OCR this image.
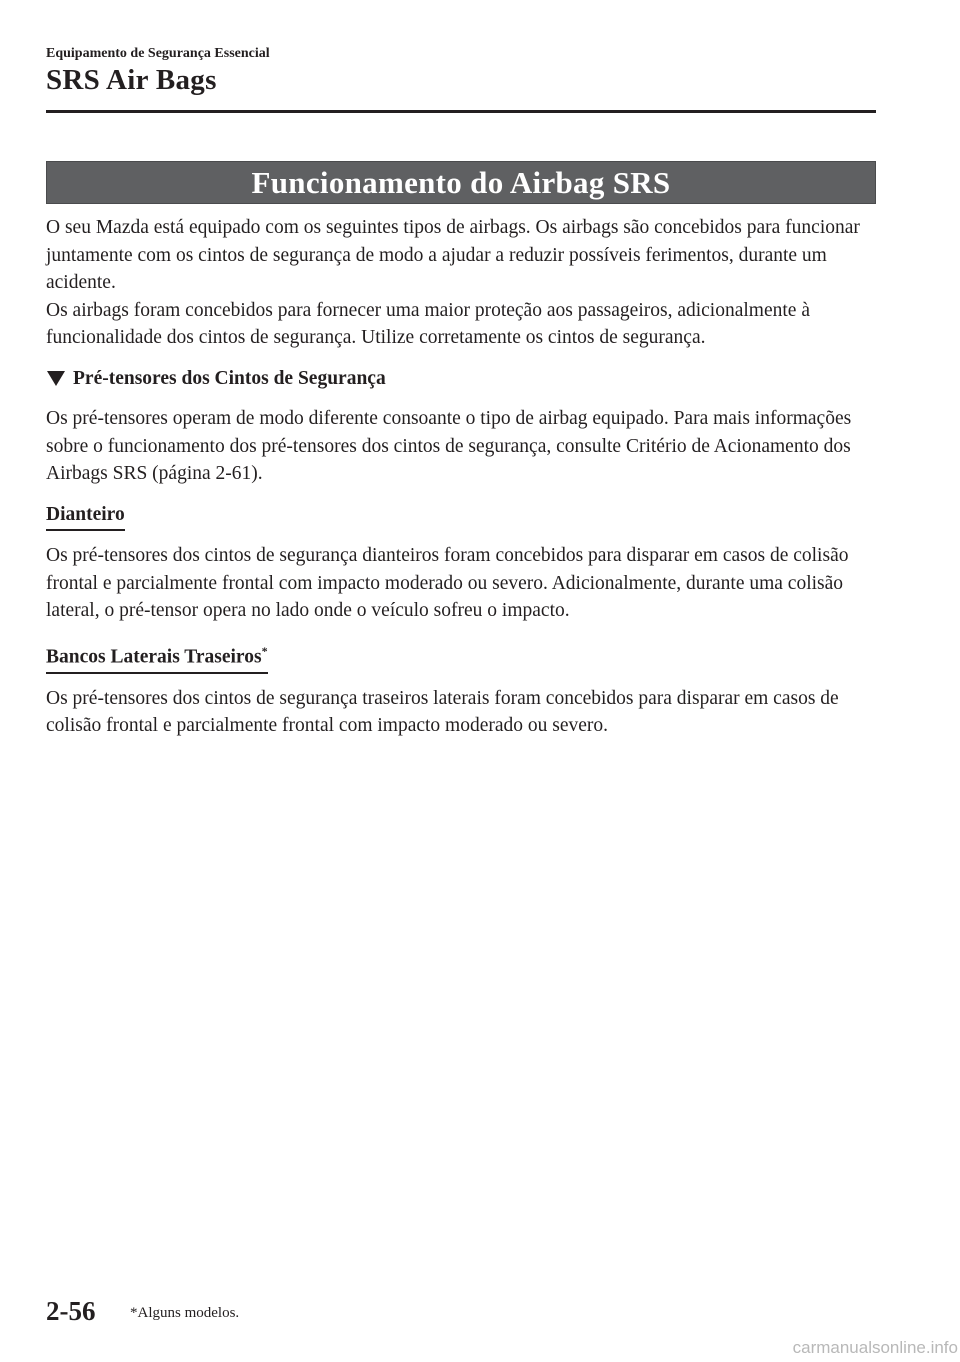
Equipamento de Segurança Essencial
SRS Air Bags
Funcionamento do Airbag SRS

O seu Mazda está equipado com os seguintes tipos de airbags. Os airbags são concebidos para funcionar juntamente com os cintos de segurança de modo a ajudar a reduzir possíveis ferimentos, durante um acidente.

Os airbags foram concebidos para fornecer uma maior proteção aos passageiros, adicionalmente à funcionalidade dos cintos de segurança. Utilize corretamente os cintos de segurança.

Pré-tensores dos Cintos de Segurança

Os pré-tensores operam de modo diferente consoante o tipo de airbag equipado. Para mais informações sobre o funcionamento dos pré-tensores dos cintos de segurança, consulte Critério de Acionamento dos Airbags SRS (página 2-61).

Dianteiro

Os pré-tensores dos cintos de segurança dianteiros foram concebidos para disparar em casos de colisão frontal e parcialmente frontal com impacto moderado ou severo. Adicionalmente, durante uma colisão lateral, o pré-tensor opera no lado onde o veículo sofreu o impacto.

Bancos Laterais Traseiros*

Os pré-tensores dos cintos de segurança traseiros laterais foram concebidos para disparar em casos de colisão frontal e parcialmente frontal com impacto moderado ou severo.

2-56 *Alguns modelos.
carmanualsonline.info
